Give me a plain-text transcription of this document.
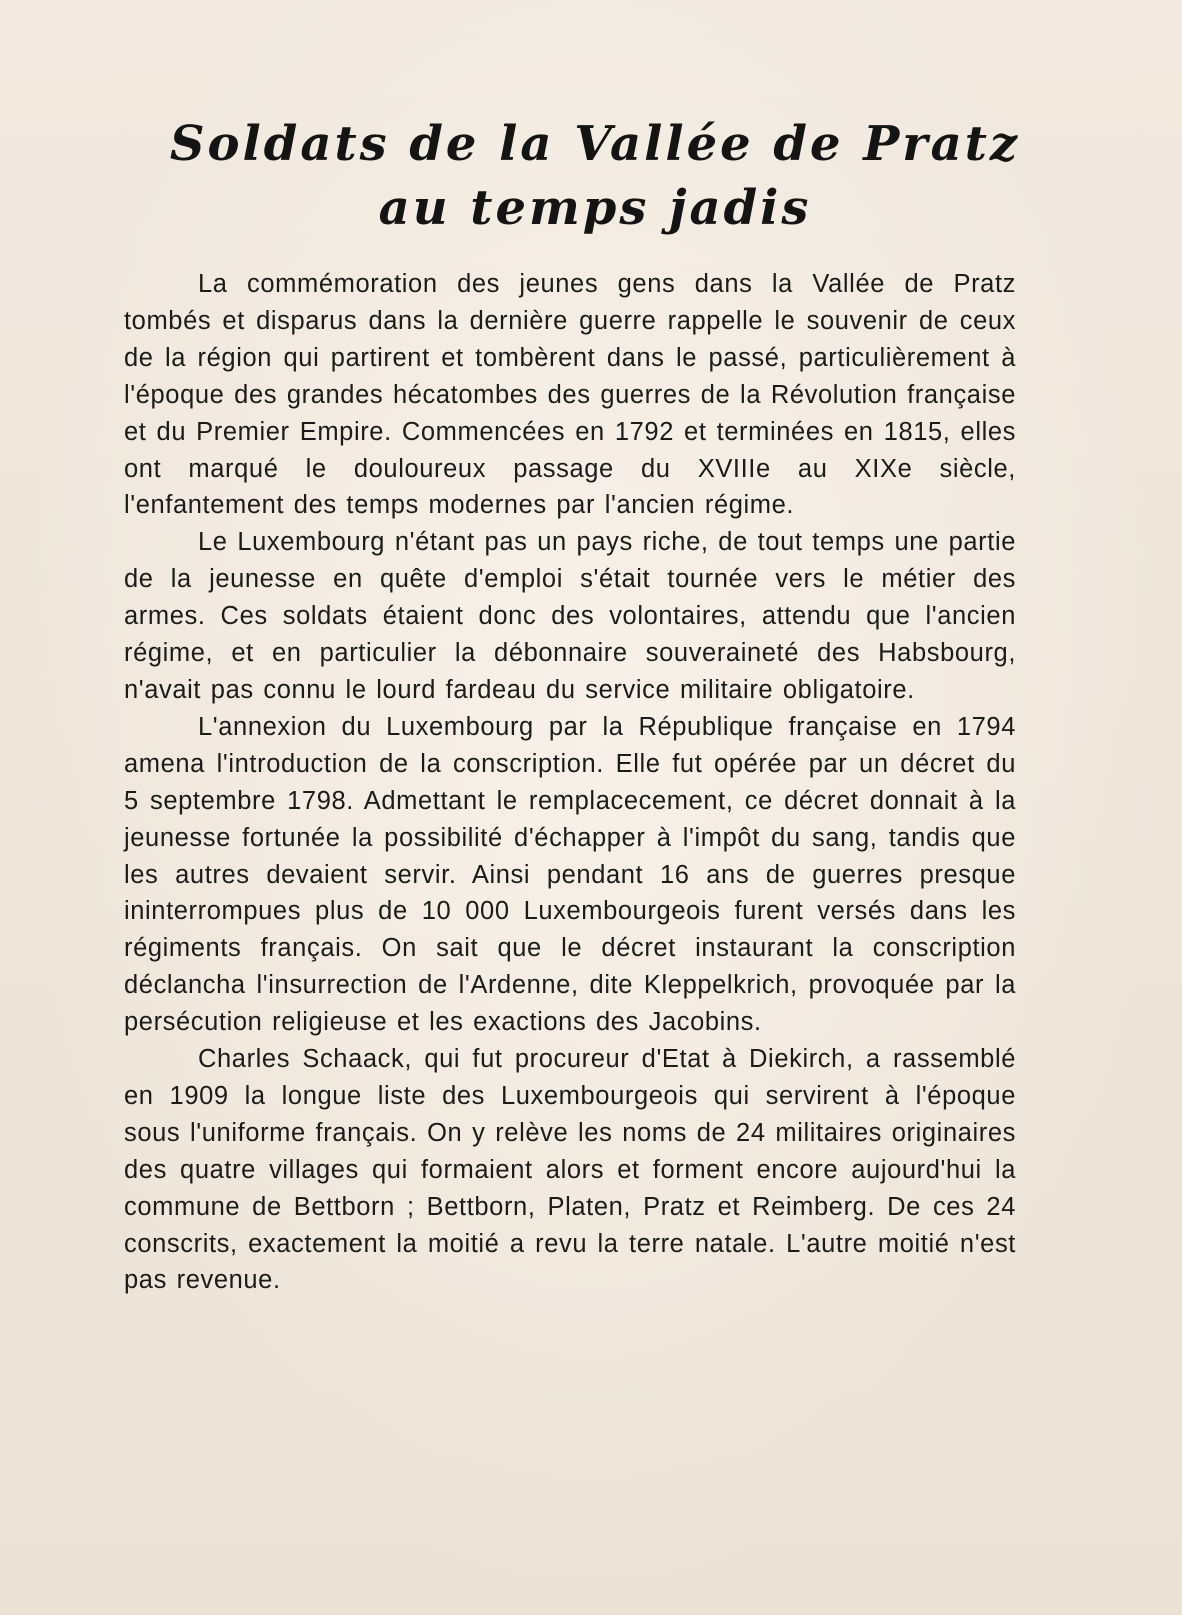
Soldats de la Vallée de Pratz
au temps jadis

La commémoration des jeunes gens dans la Vallée de Pratz tombés et disparus dans la dernière guerre rappelle le souvenir de ceux de la région qui partirent et tombèrent dans le passé, particulièrement à l'époque des grandes hécatombes des guerres de la Révolution française et du Premier Empire. Commencées en 1792 et terminées en 1815, elles ont marqué le douloureux passage du XVIIIe au XIXe siècle, l'enfantement des temps modernes par l'ancien régime.

Le Luxembourg n'étant pas un pays riche, de tout temps une partie de la jeunesse en quête d'emploi s'était tournée vers le métier des armes. Ces soldats étaient donc des volontaires, attendu que l'ancien régime, et en particulier la débonnaire souveraineté des Habsbourg, n'avait pas connu le lourd fardeau du service militaire obligatoire.

L'annexion du Luxembourg par la République française en 1794 amena l'introduction de la conscription. Elle fut opérée par un décret du 5 septembre 1798. Admettant le remplacecement, ce décret donnait à la jeunesse fortunée la possibilité d'échapper à l'impôt du sang, tandis que les autres devaient servir. Ainsi pendant 16 ans de guerres presque ininterrompues plus de 10 000 Luxembourgeois furent versés dans les régiments français. On sait que le décret instaurant la conscription déclancha l'insurrection de l'Ardenne, dite Kleppelkrich, provoquée par la persécution religieuse et les exactions des Jacobins.

Charles Schaack, qui fut procureur d'Etat à Diekirch, a rassemblé en 1909 la longue liste des Luxembourgeois qui servirent à l'époque sous l'uniforme français. On y relève les noms de 24 militaires originaires des quatre villages qui formaient alors et forment encore aujourd'hui la commune de Bettborn ; Bettborn, Platen, Pratz et Reimberg. De ces 24 conscrits, exactement la moitié a revu la terre natale. L'autre moitié n'est pas revenue.
